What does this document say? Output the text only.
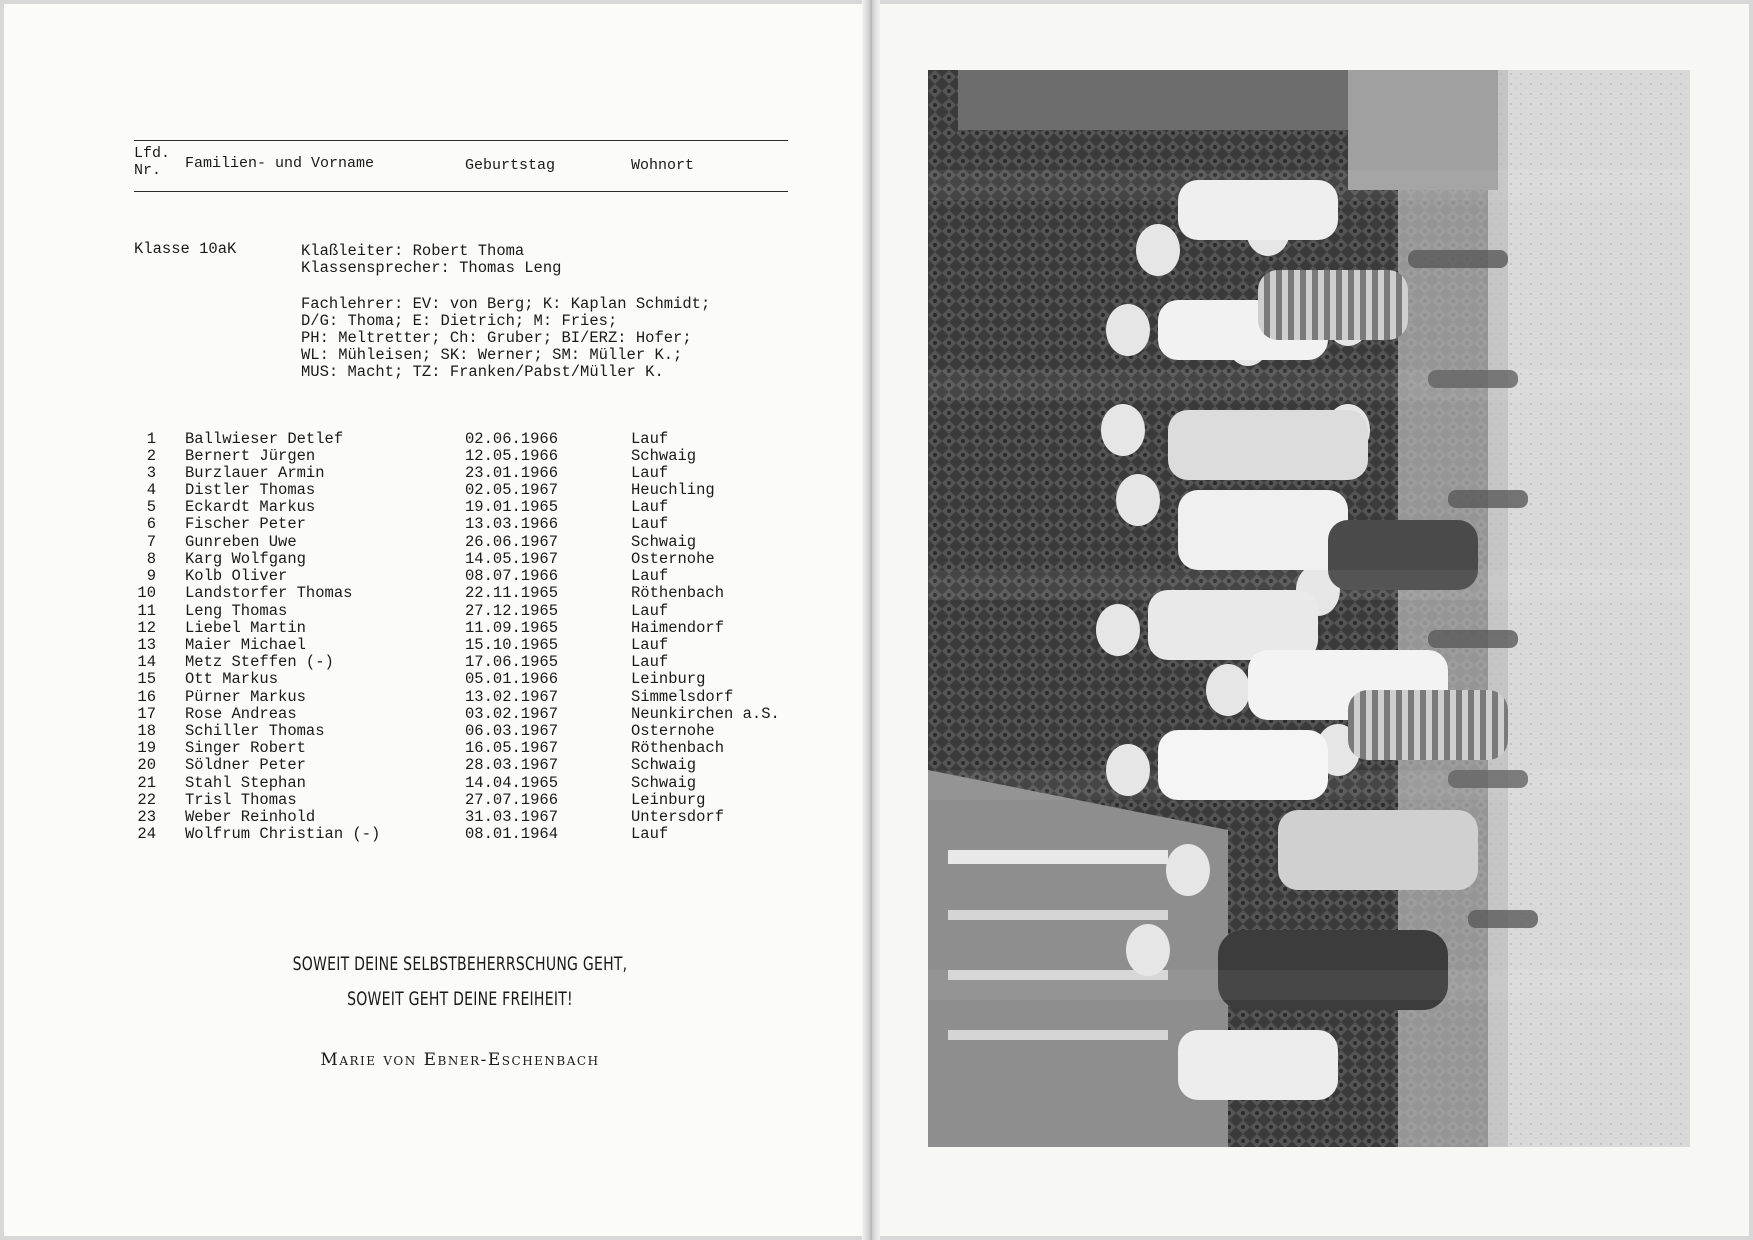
Lfd.
Nr. Familien- und Vorname	Geburtstag	Wohnort
Klasse 10aK	Klaßleiter: Robert Thoma
Klassensprecher: Thomas Leng
Fachlehrer: EV: von Berg; K: Kaplan Schmidt;
D/G: Thoma; E: Dietrich; M: Fries;
PH: Meltretter; Ch: Gruber; BI/ERZ: Hofer;
WL: Mühleisen; SK: Werner; SM: Müller K.;
MUS: Macht; TZ: Franken/Pabst/Müller K.
1 Ballwieser Detlef	02.06.1966	Lauf
2 Bernert Jürgen	12.05.1966	Schwaig
3 Burzlauer Armin	23.01.1966	Lauf
4 Distler Thomas	02.05.1967	Heuchling
5 Eckardt Markus	19.01.1965	Lauf
6 Fischer Peter	13.03.1966	Lauf
7 Gunreben Uwe	26.06.1967	Schwaig
8 Karg Wolfgang	14.05.1967	Osternohe
9 Kolb Oliver	08.07.1966	Lauf
10 Landstorfer Thomas	22.11.1965	Röthenbach
11 Leng Thomas	27.12.1965	Lauf
12 Liebel Martin	11.09.1965	Haimendorf
13 Maier Michael	15.10.1965	Lauf
14 Metz Steffen (-)	17.06.1965	Lauf
15 Ott Markus	05.01.1966	Leinburg
16 Pürner Markus	13.02.1967	Simmelsdorf
17 Rose Andreas	03.02.1967	Neunkirchen a.S.
18 Schiller Thomas	06.03.1967	Osternohe
19 Singer Robert	16.05.1967	Röthenbach
20 Söldner Peter	28.03.1967	Schwaig
21 Stahl Stephan	14.04.1965	Schwaig
22 Trisl Thomas	27.07.1966	Leinburg
23 Weber Reinhold	31.03.1967	Untersdorf
24 Wolfrum Christian (-)	08.01.1964	Lauf
SOWEIT DEINE SELBSTBEHERRSCHUNG GEHT,
SOWEIT GEHT DEINE FREIHEIT!
Marie von Ebner-Eschenbach
